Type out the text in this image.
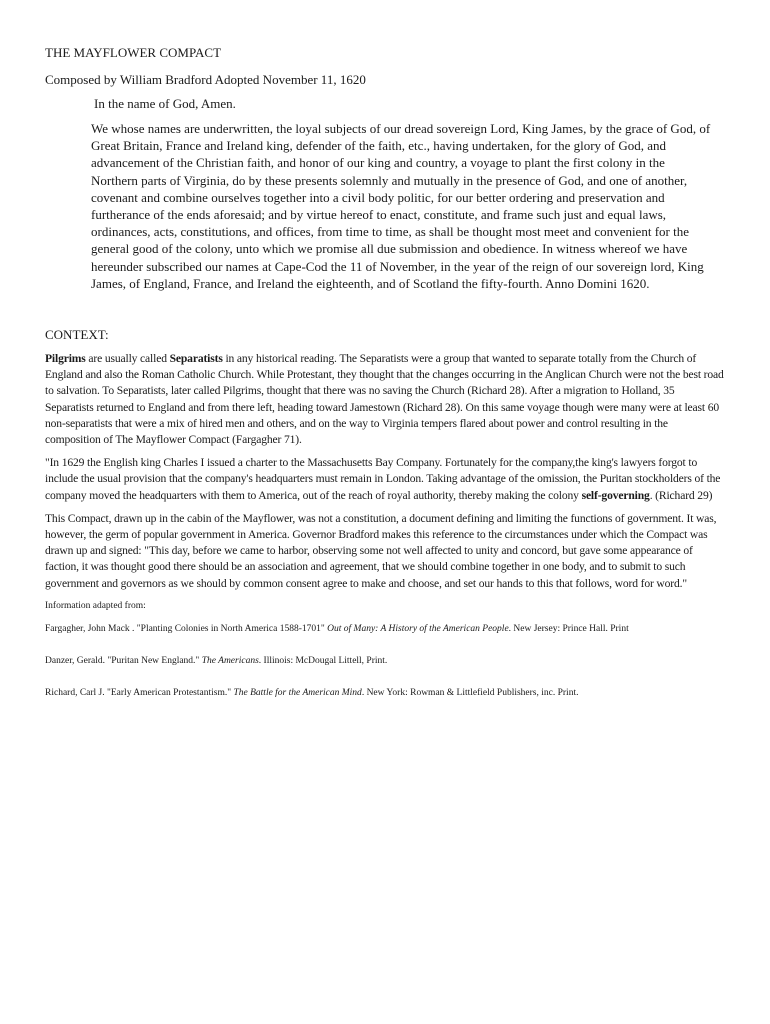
THE MAYFLOWER COMPACT

Composed by William Bradford Adopted November 11, 1620

In the name of God, Amen.

We whose names are underwritten, the loyal subjects of our dread sovereign Lord, King James, by the grace of God, of Great Britain, France and Ireland king, defender of the faith, etc., having undertaken, for the glory of God, and advancement of the Christian faith, and honor of our king and country, a voyage to plant the first colony in the Northern parts of Virginia, do by these presents solemnly and mutually in the presence of God, and one of another, covenant and combine ourselves together into a civil body politic, for our better ordering and preservation and furtherance of the ends aforesaid; and by virtue hereof to enact, constitute, and frame such just and equal laws, ordinances, acts, constitutions, and offices, from time to time, as shall be thought most meet and convenient for the general good of the colony, unto which we promise all due submission and obedience. In witness whereof we have hereunder subscribed our names at Cape-Cod the 11 of November, in the year of the reign of our sovereign lord, King James, of England, France, and Ireland the eighteenth, and of Scotland the fifty-fourth. Anno Domini 1620.

CONTEXT:

Pilgrims are usually called Separatists in any historical reading. The Separatists were a group that wanted to separate totally from the Church of England and also the Roman Catholic Church. While Protestant, they thought that the changes occurring in the Anglican Church were not the best road to salvation. To Separatists, later called Pilgrims, thought that there was no saving the Church (Richard 28). After a migration to Holland, 35 Separatists returned to England and from there left, heading toward Jamestown (Richard 28). On this same voyage though were many were at least 60 non-separatists that were a mix of hired men and others, and on the way to Virginia tempers flared about power and control resulting in the composition of The Mayflower Compact (Fargagher 71).

"In 1629 the English king Charles I issued a charter to the Massachusetts Bay Company. Fortunately for the company,the king's lawyers forgot to include the usual provision that the company's headquarters must remain in London. Taking advantage of the omission, the Puritan stockholders of the company moved the headquarters with them to America, out of the reach of royal authority, thereby making the colony self-governing. (Richard 29)

This Compact, drawn up in the cabin of the Mayflower, was not a constitution, a document defining and limiting the functions of government. It was, however, the germ of popular government in America. Governor Bradford makes this reference to the circumstances under which the Compact was drawn up and signed: "This day, before we came to harbor, observing some not well affected to unity and concord, but gave some appearance of faction, it was thought good there should be an association and agreement, that we should combine together in one body, and to submit to such government and governors as we should by common consent agree to make and choose, and set our hands to this that follows, word for word."

Information adapted from:

Fargagher, John Mack . "Planting Colonies in North America 1588-1701" Out of Many: A History of the American People. New Jersey: Prince Hall. Print

Danzer, Gerald. "Puritan New England." The Americans. Illinois: McDougal Littell, Print.

Richard, Carl J. "Early American Protestantism." The Battle for the American Mind. New York: Rowman & Littlefield Publishers, inc. Print.
